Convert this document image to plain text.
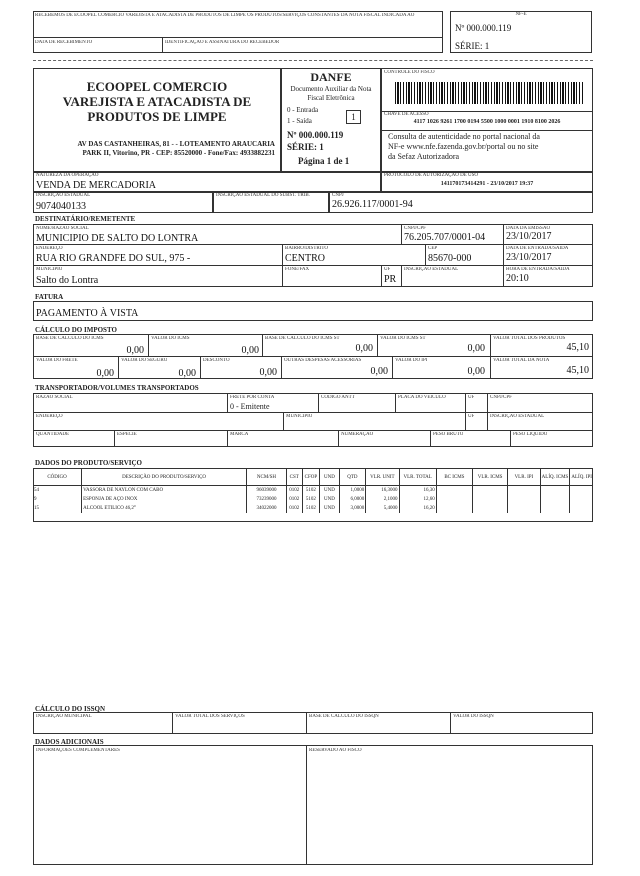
RECEBEMOS DE ECOOPEL COMERCIO VAREJISTA E ATACADISTA DE PRODUTOS DE LIMPE OS PRODUTOS/SERVIÇOS CONSTANTES DA NOTA FISCAL INDICADA AO
DATA DE RECEBIMENTO	IDENTIFICAÇÃO E ASSINATURA DO RECEBEDOR
NF-E
Nº 000.000.119
SÉRIE: 1
ECOOPEL COMERCIO
VAREJISTA E ATACADISTA DE
PRODUTOS DE LIMPE
AV DAS CASTANHEIRAS, 81 - - LOTEAMENTO ARAUCARIA
PARK II, Vitorino, PR - CEP: 85520000 - Fone/Fax: 4933882231
DANFE
Documento Auxiliar da Nota
Fiscal Eletrônica
0 - Entrada
1 - Saída	1
Nº 000.000.119
SÉRIE: 1
Página 1 de 1
CONTROLE DO FISCO
CHAVE DE ACESSO
4117 1026 9261 1700 0194 5500 1000 0001 1910 8100 2026
Consulta de autenticidade no portal nacional da
NF-e www.nfe.fazenda.gov.br/portal ou no site
da Sefaz Autorizadora
NATUREZA DA OPERAÇÃO
VENDA DE MERCADORIA
PROTOCOLO DE AUTORIZAÇÃO DE USO
141170173414291 - 23/10/2017 19:37
INSCRIÇÃO ESTADUAL
9074040133
INSCRIÇÃO ESTADUAL DO SUBST. TRIB.	CNPJ
26.926.117/0001-94
DESTINATÁRIO/REMETENTE
NOME/RAZÃO SOCIAL
MUNICIPIO DE SALTO DO LONTRA
CNPJ/CPF
76.205.707/0001-04
DATA DA EMISSÃO
23/10/2017
ENDEREÇO
RUA RIO GRANDFE DO SUL, 975 -
BAIRRO/DISTRITO
CENTRO
CEP
85670-000
DATA DE ENTRADA/SAÍDA
23/10/2017
MUNICÍPIO
Salto do Lontra
FONE/FAX	UF
PR
INSCRIÇÃO ESTADUAL	HORA DE ENTRADA/SAÍDA
20:10
FATURA
PAGAMENTO À VISTA
CÁLCULO DO IMPOSTO
BASE DE CÁLCULO DO ICMS
0,00
VALOR DO ICMS
0,00
BASE DE CÁLCULO DO ICMS ST
0,00
VALOR DO ICMS ST
0,00
VALOR TOTAL DOS PRODUTOS
45,10
VALOR DO FRETE
0,00
VALOR DO SEGURO
0,00
DESCONTO
0,00
OUTRAS DESPESAS ACESSÓRIAS
0,00
VALOR DO IPI
0,00
VALOR TOTAL DA NOTA
45,10
TRANSPORTADOR/VOLUMES TRANSPORTADOS
RAZÃO SOCIAL	FRETE POR CONTA
0 - Emitente
CÓDIGO ANTT	PLACA DO VEÍCULO	UF	CNPJ/CPF
ENDEREÇO	MUNICÍPIO	UF	INSCRIÇÃO ESTADUAL
QUANTIDADE	ESPÉCIE	MARCA	NUMERAÇÃO	PESO BRUTO	PESO LÍQUIDO
DADOS DO PRODUTO/SERVIÇO
CÓDIGO	DESCRIÇÃO DO PRODUTO/SERVIÇO	NCM/SH	CST	CFOP	UND	QTD	VLR. UNIT	VLR. TOTAL	BC ICMS	VLR. ICMS	VLR. IPI	ALÍQ. ICMS	ALÍQ. IPI
54	VASSORA DE NAYLON COM CABO	96039000	0102	5102	UND	1,0000	16,3000	16,30					
9	ESPONJA DE AÇO INOX	73239000	0102	5102	UND	6,0000	2,1000	12,60					
15	ALCOOL ETILICO 46,2°	34022000	0102	5102	UND	3,0000	5,4000	16,20					
CÁLCULO DO ISSQN
INSCRIÇÃO MUNICIPAL	VALOR TOTAL DOS SERVIÇOS	BASE DE CÁLCULO DO ISSQN	VALOR DO ISSQN
DADOS ADICIONAIS
INFORMAÇÕES COMPLEMENTARES	RESERVADO AO FISCO
